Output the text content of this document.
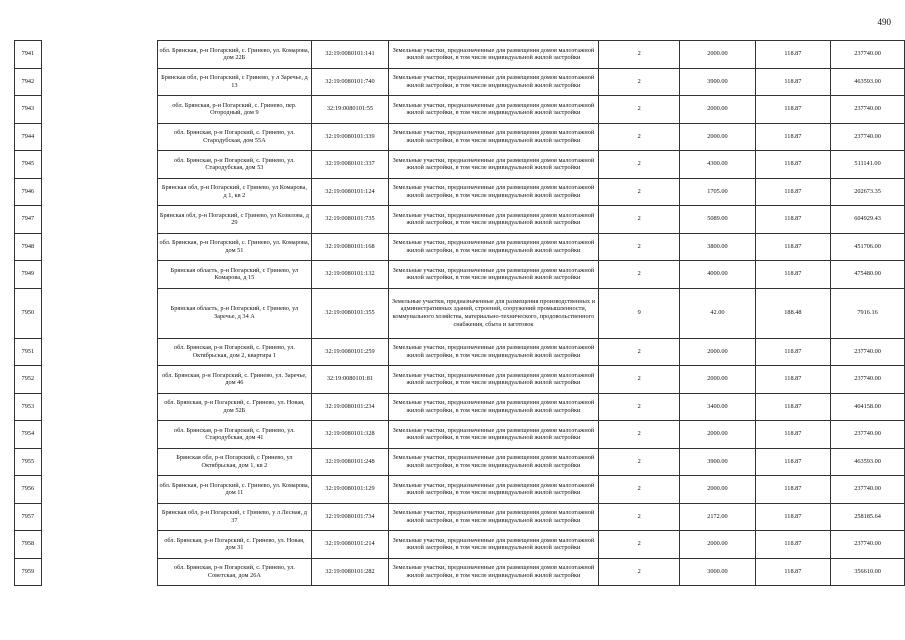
490
7941		обл. Брянская, р-н Погарский, с. Гринево, ул. Комарова, дом 22Б	32:19:0080101:141	Земельные участки, предназначенные для размещения домов малоэтажной жилой застройки, в том числе индивидуальной жилой застройки	2	2000.00	118.87	237740.00
7942		Брянская обл, р-н Погарский, с Гринево, у л Заречье, д 13	32:19:0080101:740	Земельные участки, предназначенные для размещения домов малоэтажной жилой застройки, в том числе индивидуальной жилой застройки	2	3900.00	118.87	463593.00
7943		обл. Брянская, р-н Погарский, с. Гринево, пер. Огородный, дом 9	32:19:0080101:55	Земельные участки, предназначенные для размещения домов малоэтажной жилой застройки, в том числе индивидуальной жилой застройки	2	2000.00	118.87	237740.00
7944		обл. Брянская, р-н Погарский, с. Гринево, ул. Стародубская, дом 55А	32:19:0080101:339	Земельные участки, предназначенные для размещения домов малоэтажной жилой застройки, в том числе индивидуальной жилой застройки	2	2000.00	118.87	237740.00
7945		обл. Брянская, р-н Погарский, с. Гринево, ул. Стародубская, дом 53	32:19:0080101:337	Земельные участки, предназначенные для размещения домов малоэтажной жилой застройки, в том числе индивидуальной жилой застройки	2	4300.00	118.87	511141.00
7946		Брянская обл, р-н Погарский, с Гринево, ул Комарова, д 1, кв 2	32:19:0080101:124	Земельные участки, предназначенные для размещения домов малоэтажной жилой застройки, в том числе индивидуальной жилой застройки	2	1705.00	118.87	202673.35
7947		Брянская обл, р-н Погарский, с Гринево, ул Козилова, д 29	32:19:0080101:735	Земельные участки, предназначенные для размещения домов малоэтажной жилой застройки, в том числе индивидуальной жилой застройки	2	5089.00	118.87	604929.43
7948		обл. Брянская, р-н Погарский, с. Гринево, ул. Комарова, дом 51	32:19:0080101:168	Земельные участки, предназначенные для размещения домов малоэтажной жилой застройки, в том числе индивидуальной жилой застройки	2	3800.00	118.87	451706.00
7949		Брянская область, р-н Погарский, с Гринево, ул Комарова, д 15	32:19:0080101:132	Земельные участки, предназначенные для размещения домов малоэтажной жилой застройки, в том числе индивидуальной жилой застройки	2	4000.00	118.87	475480.00
7950		Брянская область, р-н Погарский, с Гринево, ул Заречье, д 34 А	32:19:0080101:355	Земельные участки, предназначенные для размещения производственных и административных зданий, строений, сооружений промышленности, коммунального хозяйства, материально-технического, продовольственного снабжения, сбыта и заготовок	9	42.00	188.48	7916.16
7951		обл. Брянская, р-н Погарский, с. Гринево, ул. Октябрьская, дом 2, квартира 1	32:19:0080101:259	Земельные участки, предназначенные для размещения домов малоэтажной жилой застройки, в том числе индивидуальной жилой застройки	2	2000.00	118.87	237740.00
7952		обл. Брянская, р-н Погарский, с. Гринево, ул. Заречье, дом 46	32:19:0080101:81	Земельные участки, предназначенные для размещения домов малоэтажной жилой застройки, в том числе индивидуальной жилой застройки	2	2000.00	118.87	237740.00
7953		обл. Брянская, р-н Погарский, с. Гринево, ул. Новая, дом 52Б	32:19:0080101:234	Земельные участки, предназначенные для размещения домов малоэтажной жилой застройки, в том числе индивидуальной жилой застройки	2	3400.00	118.87	404158.00
7954		обл. Брянская, р-н Погарский, с. Гринево, ул. Стародубская, дом 41	32:19:0080101:328	Земельные участки, предназначенные для размещения домов малоэтажной жилой застройки, в том числе индивидуальной жилой застройки	2	2000.00	118.87	237740.00
7955		Брянская обл, р-н Погарский, с Гринево, ул Октябрьская, дом 1, кв 2	32:19:0080101:248	Земельные участки, предназначенные для размещения домов малоэтажной жилой застройки, в том числе индивидуальной жилой застройки	2	3900.00	118.87	463593.00
7956		обл. Брянская, р-н Погарский, с. Гринево, ул. Комарова, дом 11	32:19:0080101:129	Земельные участки, предназначенные для размещения домов малоэтажной жилой застройки, в том числе индивидуальной жилой застройки	2	2000.00	118.87	237740.00
7957		Брянская обл, р-н Погарский, с Гринево, у л Лесная, д 37	32:19:0080101:734	Земельные участки, предназначенные для размещения домов малоэтажной жилой застройки, в том числе индивидуальной жилой застройки	2	2172.00	118.87	258185.64
7958		обл. Брянская, р-н Погарский, с. Гринево, ул. Новая, дом 31	32:19:0080101:214	Земельные участки, предназначенные для размещения домов малоэтажной жилой застройки, в том числе индивидуальной жилой застройки	2	2000.00	118.87	237740.00
7959		обл. Брянская, р-н Погарский, с. Гринево, ул. Советская, дом 26А	32:19:0080101:282	Земельные участки, предназначенные для размещения домов малоэтажной жилой застройки, в том числе индивидуальной жилой застройки	2	3000.00	118.87	356610.00
